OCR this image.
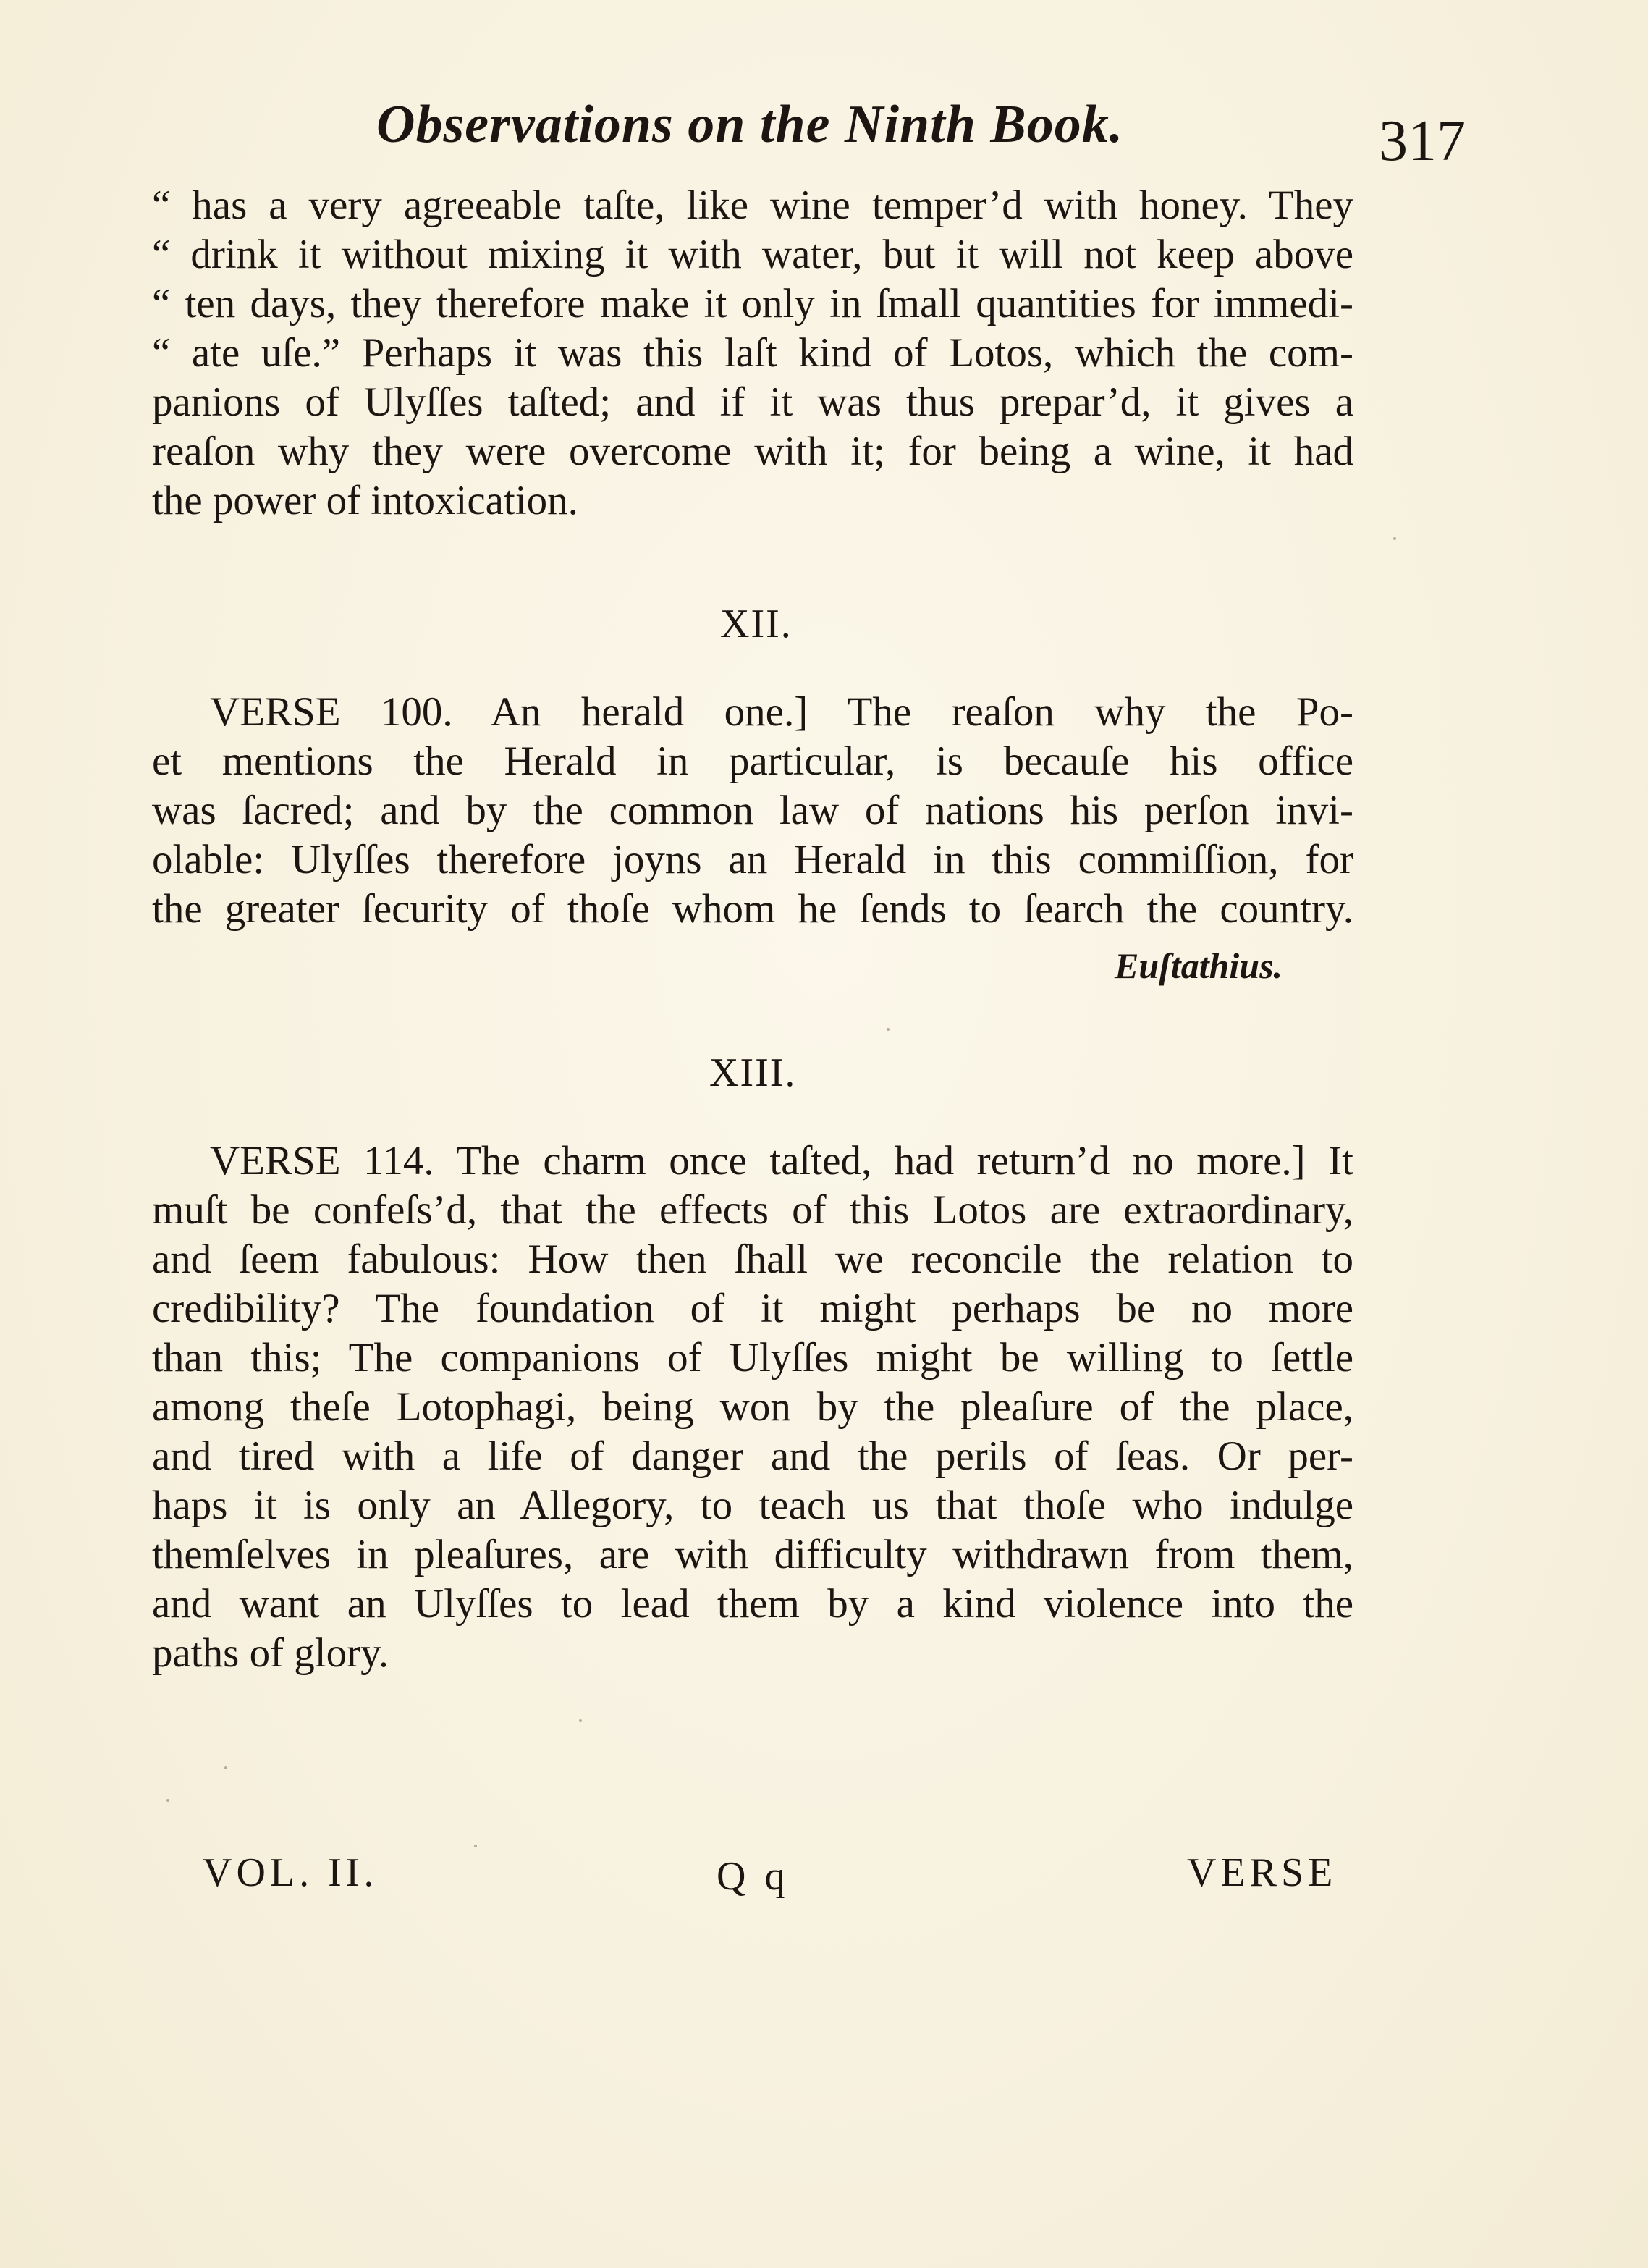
Observations on the Ninth Book.	317
“ has a very agreeable taſte, like wine temper’d with honey. They
“ drink it without mixing it with water, but it will not keep above
“ ten days, they therefore make it only in ſmall quantities for immedi-
“ ate uſe.” Perhaps it was this laſt kind of Lotos, which the com-
panions of Ulyſſes taſted; and if it was thus prepar’d, it gives a
reaſon why they were overcome with it; for being a wine, it had
the power of intoxication.
XII.
VERSE 100. An herald one.] The reaſon why the Po-
et mentions the Herald in particular, is becauſe his office
was ſacred; and by the common law of nations his perſon invi-
olable: Ulyſſes therefore joyns an Herald in this commiſſion, for
the greater ſecurity of thoſe whom he ſends to ſearch the country.
Euſtathius.
XIII.
VERSE 114. The charm once taſted, had return’d no more.] It
muſt be confeſs’d, that the effects of this Lotos are extraordinary,
and ſeem fabulous: How then ſhall we reconcile the relation to
credibility? The foundation of it might perhaps be no more
than this; The companions of Ulyſſes might be willing to ſettle
among theſe Lotophagi, being won by the pleaſure of the place,
and tired with a life of danger and the perils of ſeas. Or per-
haps it is only an Allegory, to teach us that thoſe who indulge
themſelves in pleaſures, are with difficulty withdrawn from them,
and want an Ulyſſes to lead them by a kind violence into the
paths of glory.
VOL. II.	Q q	VERSE
